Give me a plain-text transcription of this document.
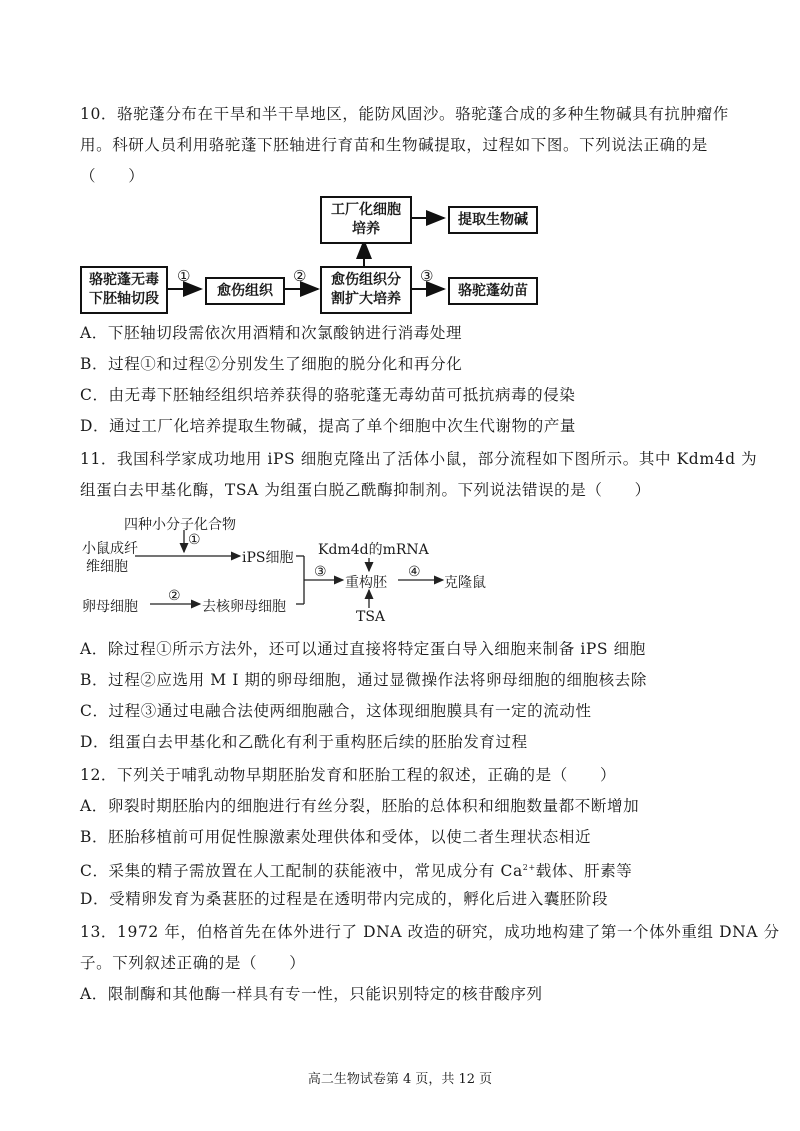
10．骆驼蓬分布在干旱和半干旱地区，能防风固沙。骆驼蓬合成的多种生物碱具有抗肿瘤作
用。科研人员利用骆驼蓬下胚轴进行育苗和生物碱提取，过程如下图。下列说法正确的是
（　　）
骆驼蓬无毒
下胚轴切段
①
愈伤组织
② 愈伤组织分
割扩大培养
③
骆驼蓬幼苗
工厂化细胞
培养
提取生物碱
A．下胚轴切段需依次用酒精和次氯酸钠进行消毒处理
B．过程①和过程②分别发生了细胞的脱分化和再分化
C．由无毒下胚轴经组织培养获得的骆驼蓬无毒幼苗可抵抗病毒的侵染
D．通过工厂化培养提取生物碱，提高了单个细胞中次生代谢物的产量
11．我国科学家成功地用 iPS 细胞克隆出了活体小鼠，部分流程如下图所示。其中 Kdm4d 为
组蛋白去甲基化酶，TSA 为组蛋白脱乙酰酶抑制剂。下列说法错误的是（　　）
四种小分子化合物
①
小鼠成纤
维细胞
iPS细胞
卵母细胞
②
去核卵母细胞
Kdm4d的mRNA
③
重构胚
④
克隆鼠
TSA
A．除过程①所示方法外，还可以通过直接将特定蛋白导入细胞来制备 iPS 细胞
B．过程②应选用 M Ⅰ 期的卵母细胞，通过显微操作法将卵母细胞的细胞核去除
C．过程③通过电融合法使两细胞融合，这体现细胞膜具有一定的流动性
D．组蛋白去甲基化和乙酰化有利于重构胚后续的胚胎发育过程
12．下列关于哺乳动物早期胚胎发育和胚胎工程的叙述，正确的是（　　）
A．卵裂时期胚胎内的细胞进行有丝分裂，胚胎的总体积和细胞数量都不断增加
B．胚胎移植前可用促性腺激素处理供体和受体，以使二者生理状态相近
C．采集的精子需放置在人工配制的获能液中，常见成分有 $Ca^{2+}$载体、肝素等
D．受精卵发育为桑葚胚的过程是在透明带内完成的，孵化后进入囊胚阶段
13．1972 年，伯格首先在体外进行了 DNA 改造的研究，成功地构建了第一个体外重组 DNA 分
子。下列叙述正确的是（　　）
A．限制酶和其他酶一样具有专一性，只能识别特定的核苷酸序列
高二生物试卷第 4 页，共 12 页
